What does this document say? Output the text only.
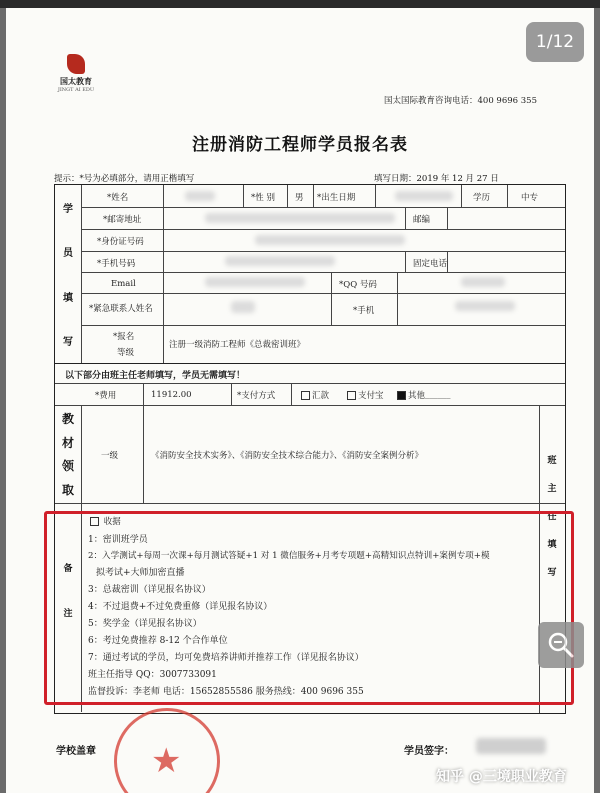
国太教育
JINGT AI EDU
国太国际教育咨询电话：400 9696 355
注册消防工程师学员报名表
提示：*号为必填部分，请用正楷填写	填写日期：2019 年 12 月 27 日
学
员
填
写
*姓名	*性 别 男 *出生日期	学历	中专
*邮寄地址	邮编
*身份证号码
*手机号码	固定电话
Email	*QQ 号码
*紧急联系人姓名	*手机
*报名
等级
注册一级消防工程师《总裁密训班》
以下部分由班主任老师填写，学员无需填写！
*费用	11912.00	*支付方式	汇款	支付宝	其他 ______
教
材
领
取
一级	《消防安全技术实务》、《消防安全技术综合能力》、《消防安全案例分析》	班
主
任
填
写
备
注
收据
1：密训班学员
2：入学测试+每周一次课+每月测试答疑+1 对 1 微信服务+月考专项题+高精知识点特训+案例专项+模
拟考试+大师加密直播
3：总裁密训（详见报名协议）
4：不过退费+不过免费重修（详见报名协议）
5：奖学金（详见报名协议）
6：考过免费推荐 8-12 个合作单位
7：通过考试的学员，均可免费培养讲师并推荐工作（详见报名协议）
班主任指导 QQ：3007733091
监督投诉：李老师 电话：15652855586 服务热线：400 9696 355
学校盖章 ★	学员签字：
知乎 @三境职业教育
1/12
